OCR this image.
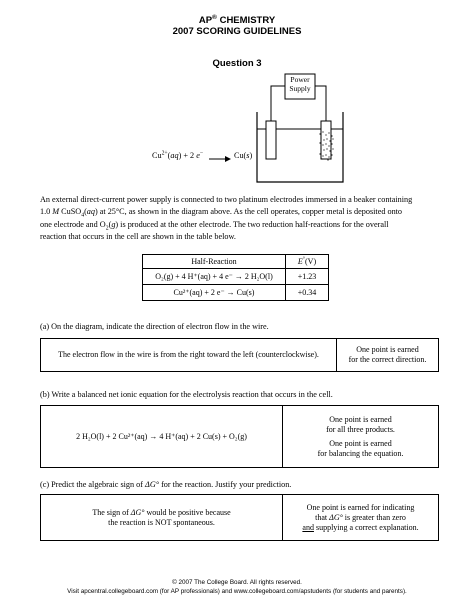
AP® CHEMISTRY
2007 SCORING GUIDELINES
Question 3
Power
Supply
$Cu^{2+}(aq) + 2$ e− → Cu(s)
An external direct-current power supply is connected to two platinum electrodes immersed in a beaker containing
1.0 M CuSO$_4$(aq) at 25°C, as shown in the diagram above. As the cell operates, copper metal is deposited onto
one electrode and $O_2(g)$ is produced at the other electrode. The two reduction half-reactions for the overall
reaction that occurs in the cell are shown in the table below.
Half-Reaction	E°(V)
O₂(g) + 4 H⁺(aq) + 4 e⁻ → 2 H₂O(l)	+1.23
Cu²⁺(aq) + 2 e⁻ → Cu(s)	+0.34
(a) On the diagram, indicate the direction of electron flow in the wire.
The electron flow in the wire is from the right toward the left (counterclockwise).
One point is earned
for the correct direction.
(b) Write a balanced net ionic equation for the electrolysis reaction that occurs in the cell.
2 H₂O(l) + 2 Cu²⁺(aq) → 4 H⁺(aq) + 2 Cu(s) + O₂(g)
One point is earned
for all three products.
One point is earned
for balancing the equation.
(c) Predict the algebraic sign of ΔG° for the reaction. Justify your prediction.
The sign of ΔG° would be positive because
the reaction is NOT spontaneous.
One point is earned for indicating
that ΔG° is greater than zero
and supplying a correct explanation.
© 2007 The College Board. All rights reserved.
Visit apcentral.collegeboard.com (for AP professionals) and www.collegeboard.com/apstudents (for students and parents).
